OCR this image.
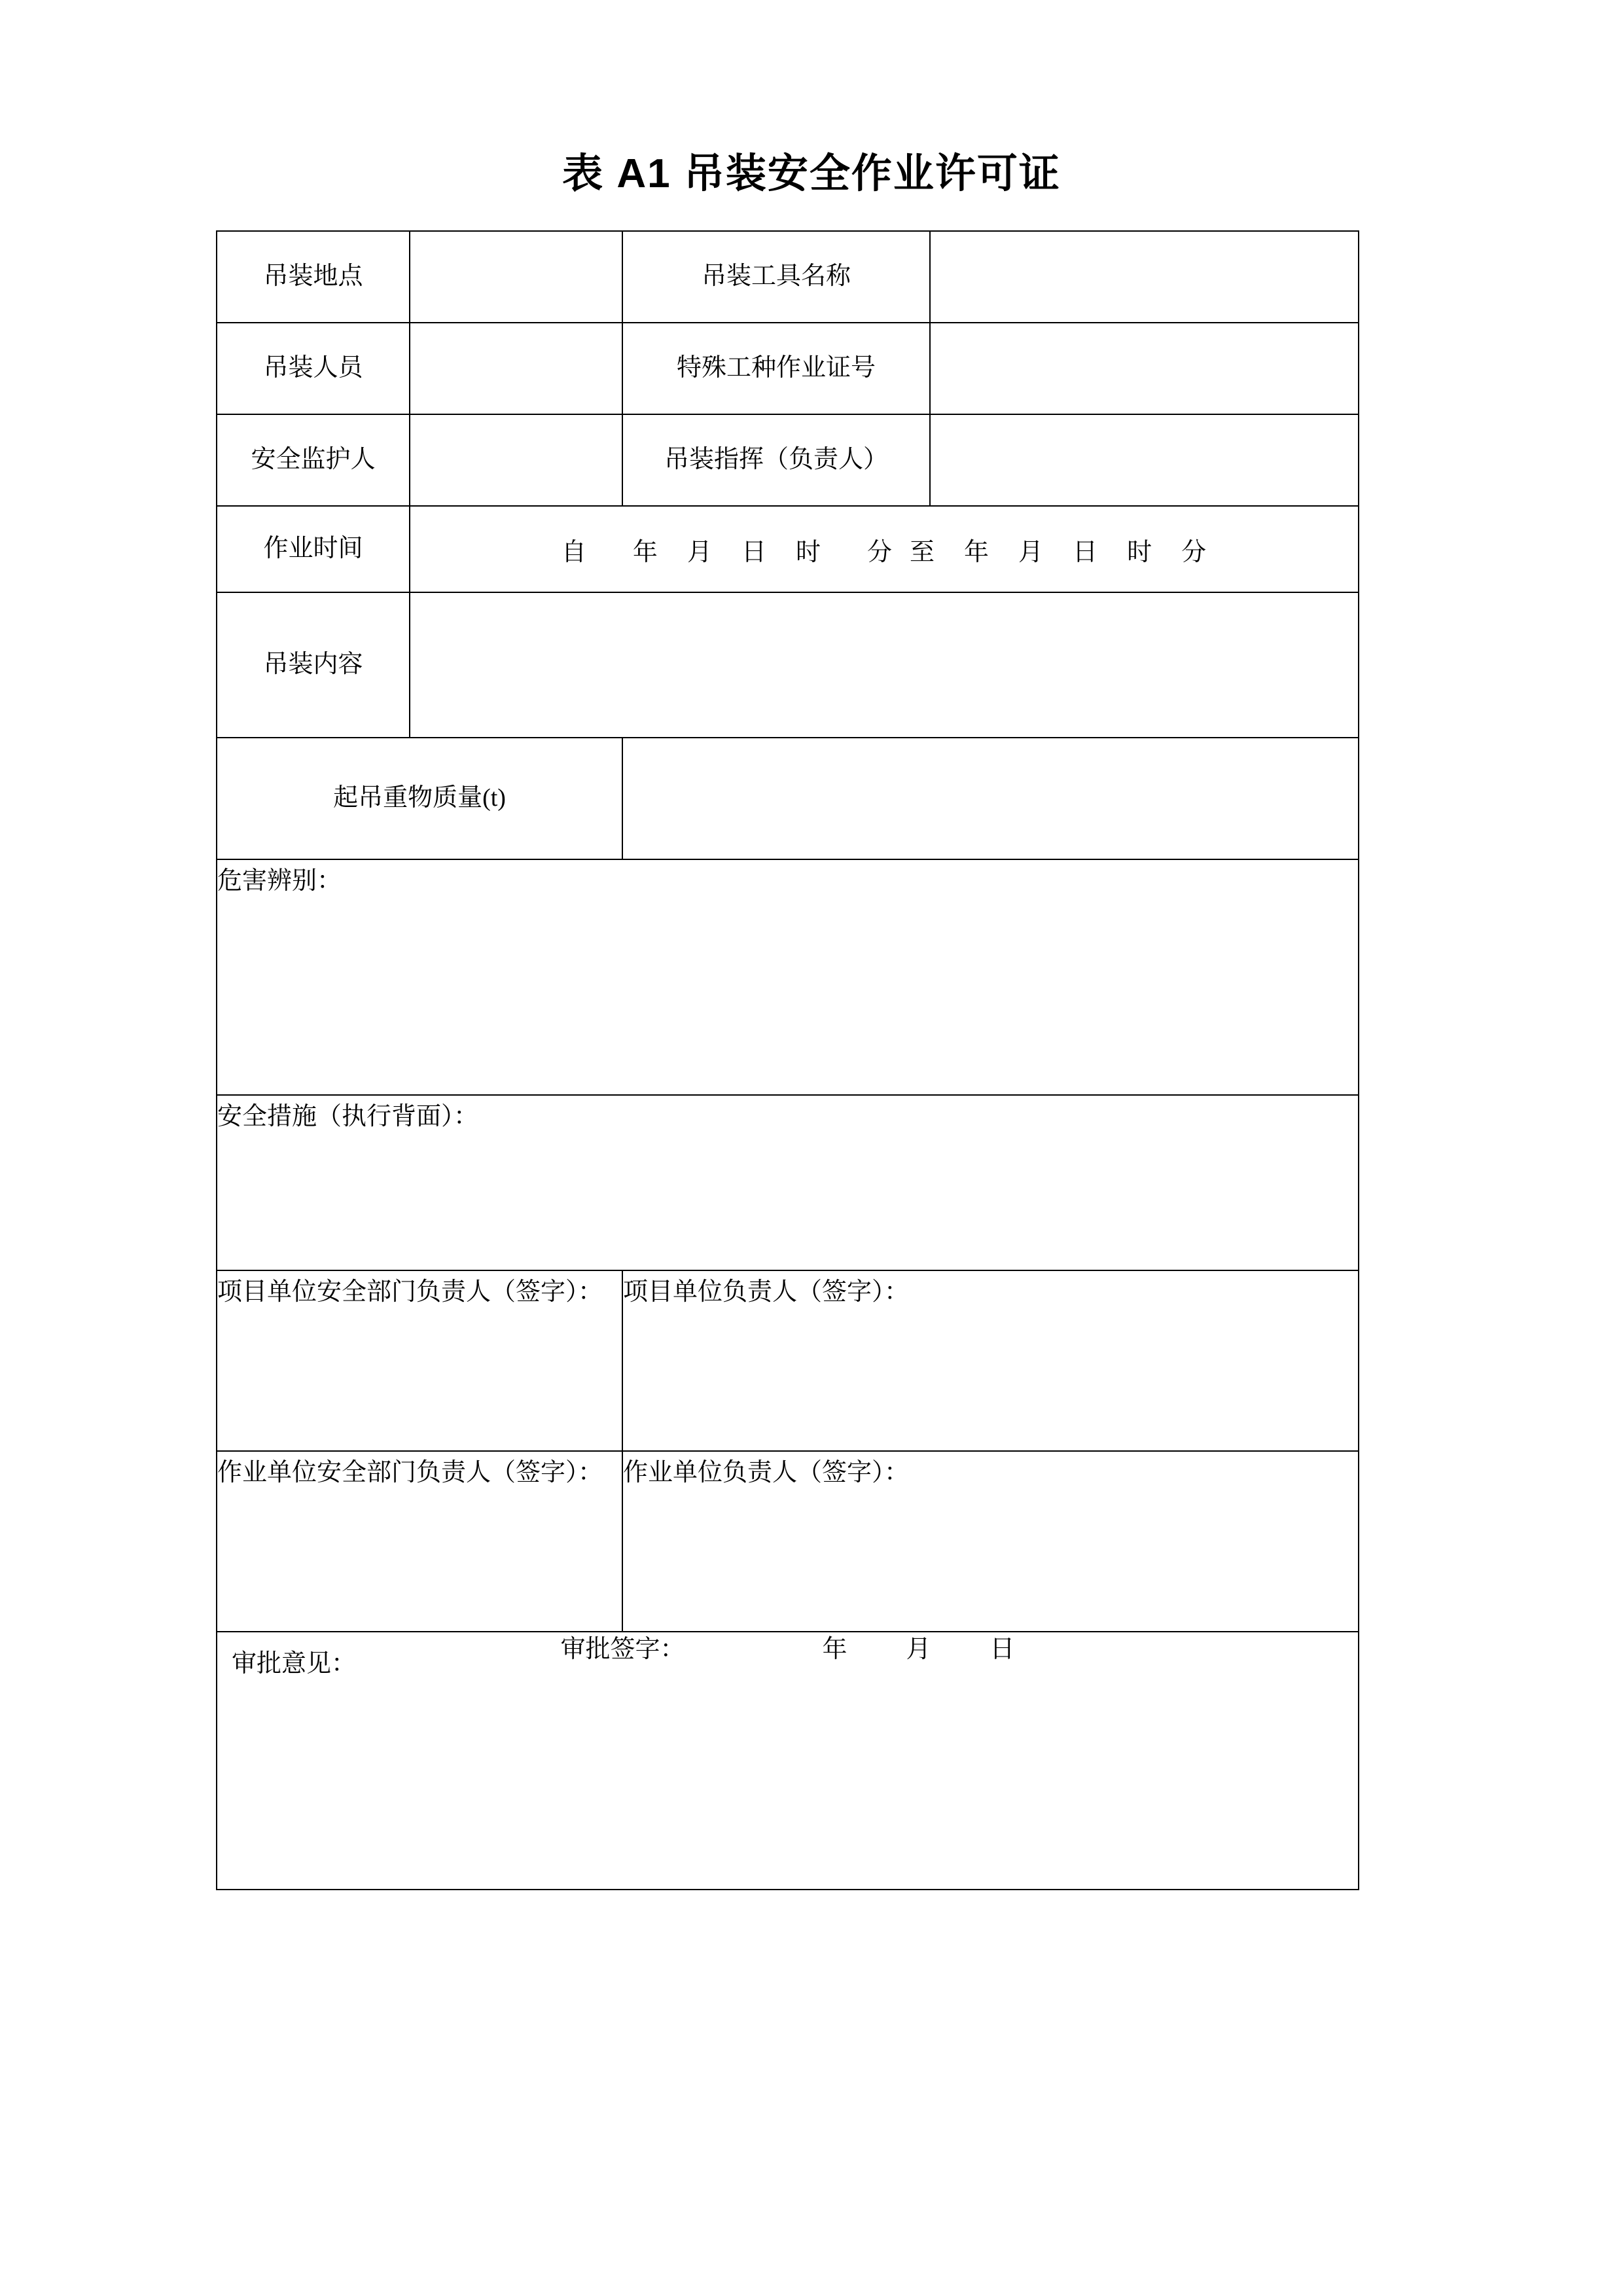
表 A1 吊装安全作业许可证
吊装地点		吊装工具名称	
吊装人员		特殊工种作业证号	
安全监护人		吊装指挥（负责人）	
作业时间	自 年 月 日 时 分 至 年 月 日 时 分		
吊装内容			
起吊重物质量(t)			
危害辨别：			
安全措施（执行背面）：			
项目单位安全部门负责人（签字）：		项目单位负责人（签字）：	
作业单位安全部门负责人（签字）：		作业单位负责人（签字）：	

审批意见：
审批签字： 年 月 日			
